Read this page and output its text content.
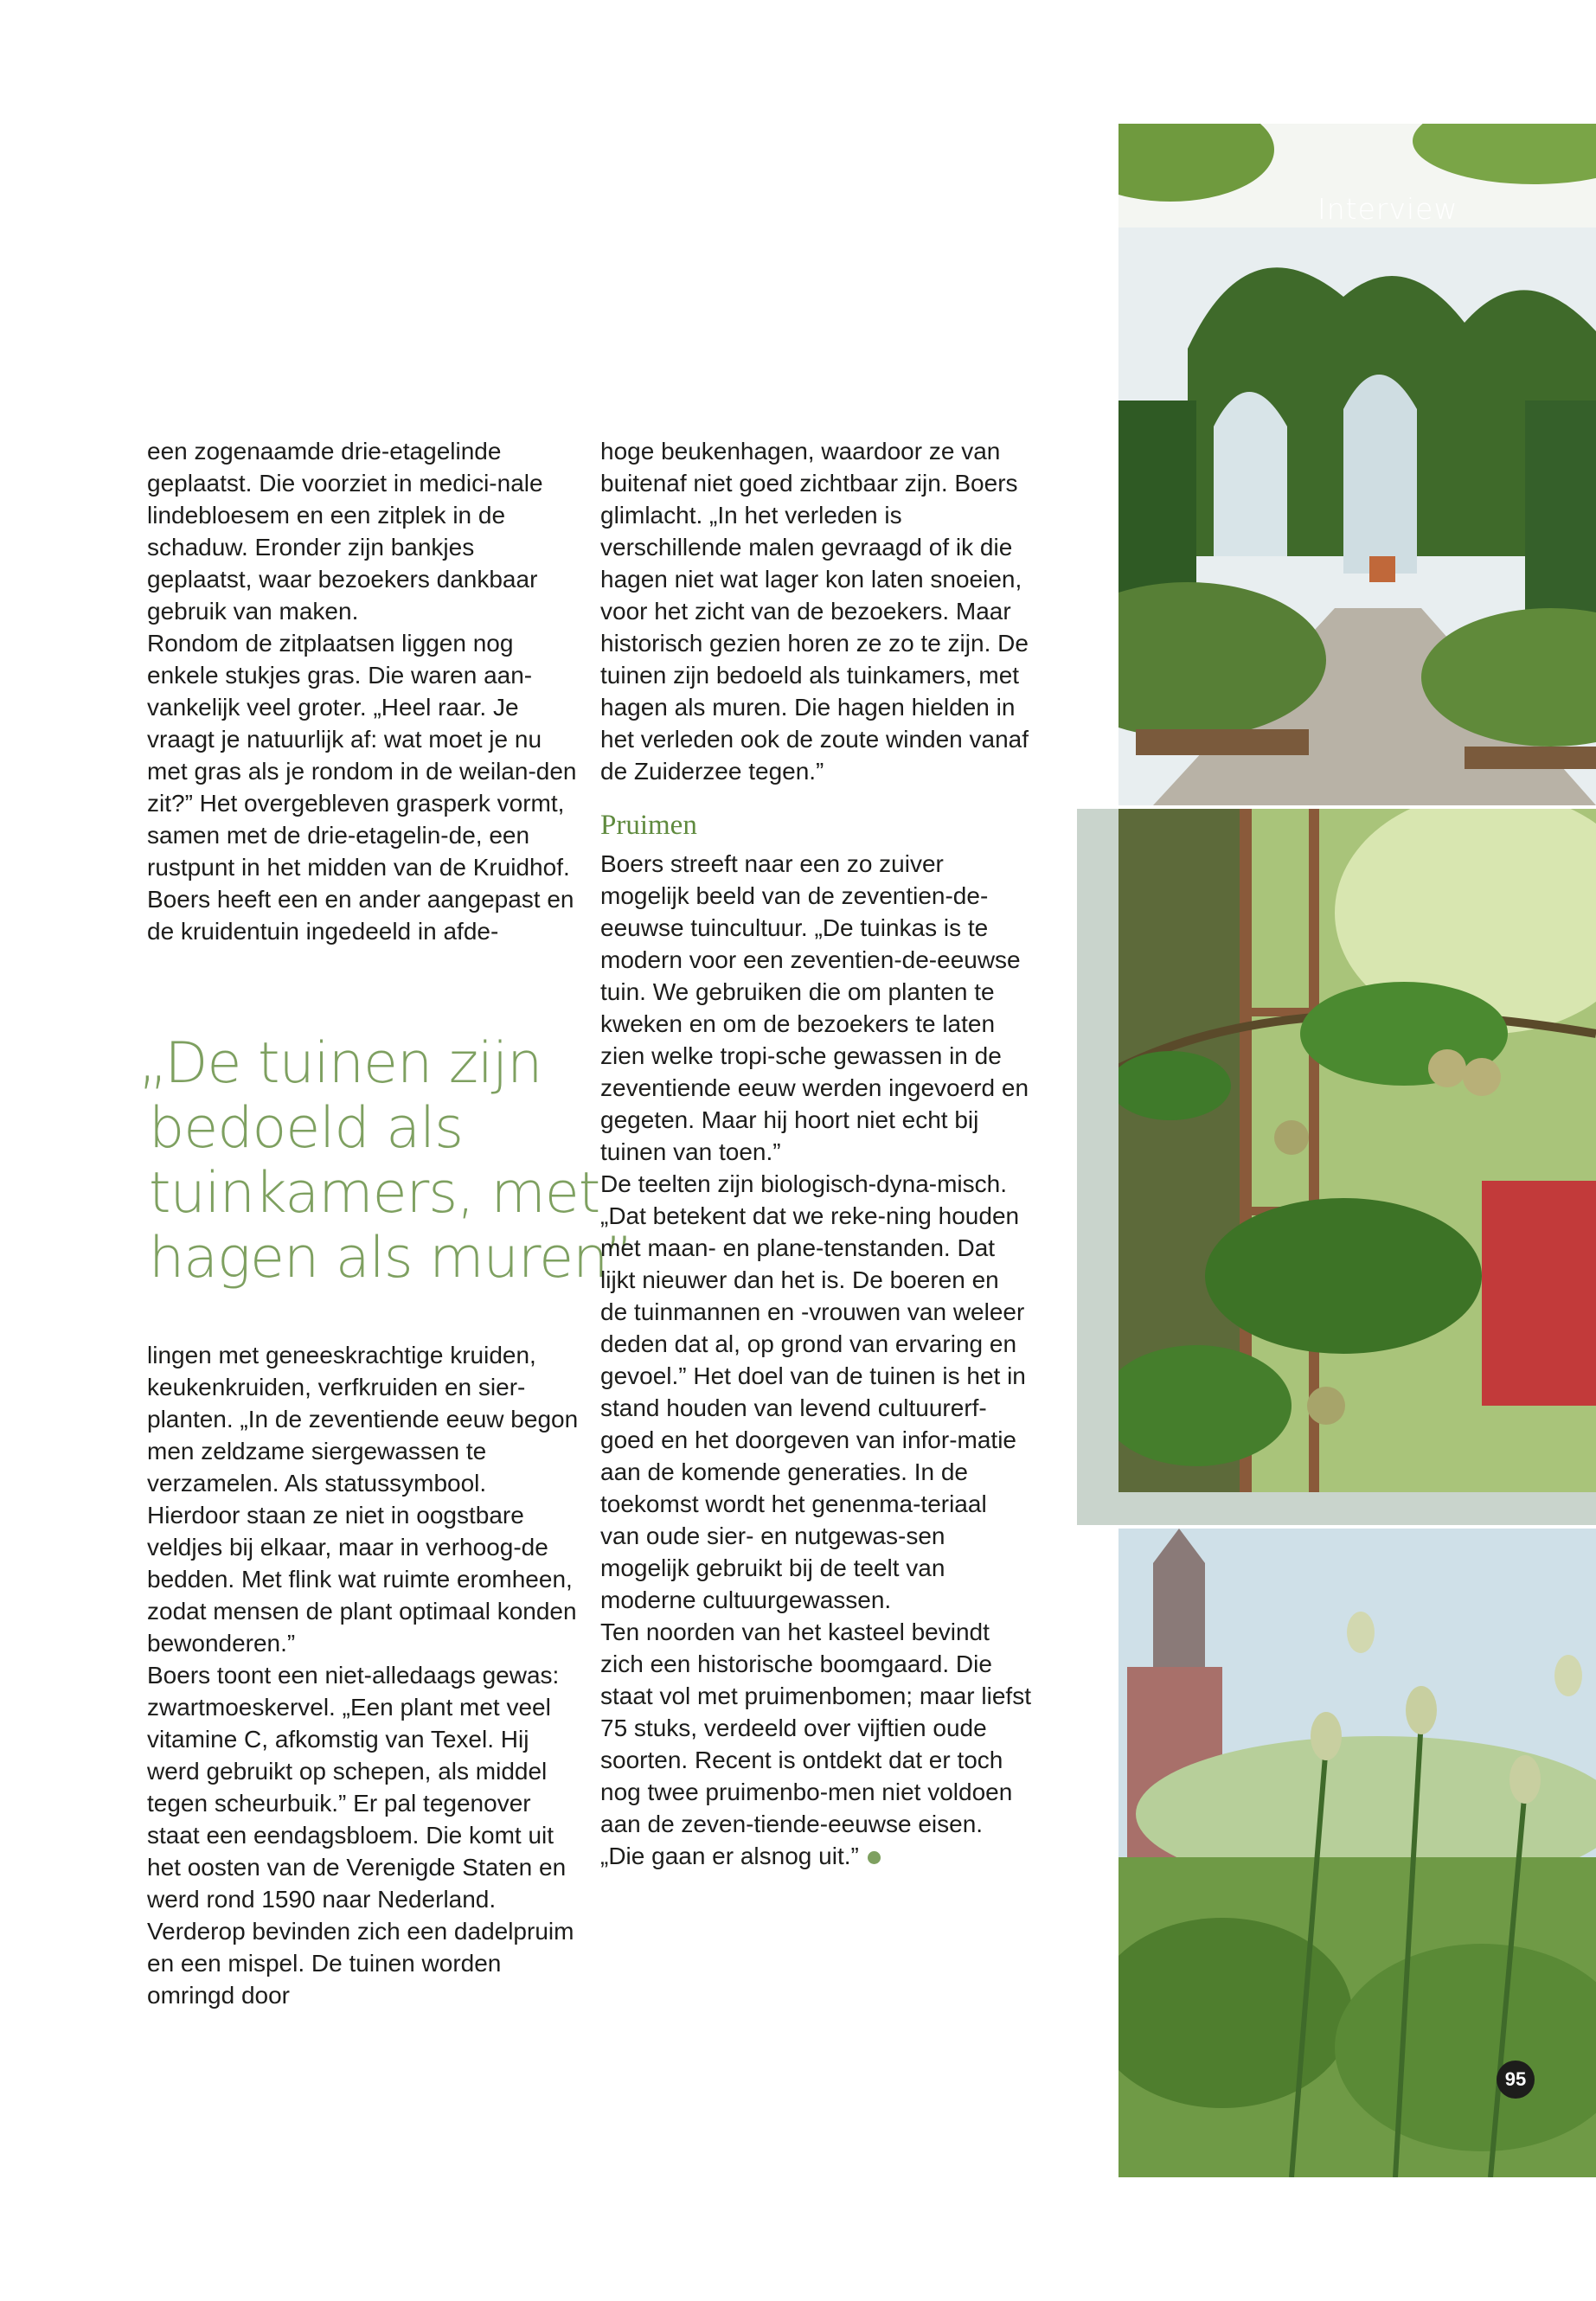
een zogenaamde drie-etagelinde geplaatst. Die voorziet in medici-nale lindebloesem en een zitplek in de schaduw. Eronder zijn bankjes geplaatst, waar bezoekers dankbaar gebruik van maken.

Rondom de zitplaatsen liggen nog enkele stukjes gras. Die waren aan-vankelijk veel groter. „Heel raar. Je vraagt je natuurlijk af: wat moet je nu met gras als je rondom in de weilan-den zit?” Het overgebleven grasperk vormt, samen met de drie-etagelin-de, een rustpunt in het midden van de Kruidhof.

Boers heeft een en ander aangepast en de kruidentuin ingedeeld in afde-

„De tuinen zijn
bedoeld als
tuinkamers, met
hagen als muren”

lingen met geneeskrachtige kruiden, keukenkruiden, verfkruiden en sier-planten. „In de zeventiende eeuw begon men zeldzame siergewassen te verzamelen. Als statussymbool. Hierdoor staan ze niet in oogstbare veldjes bij elkaar, maar in verhoog-de bedden. Met flink wat ruimte eromheen, zodat mensen de plant optimaal konden bewonderen.”

Boers toont een niet-alledaags gewas: zwartmoeskervel. „Een plant met veel vitamine C, afkomstig van Texel. Hij werd gebruikt op schepen, als middel tegen scheurbuik.” Er pal tegenover staat een eendagsbloem. Die komt uit het oosten van de Verenigde Staten en werd rond 1590 naar Nederland. Verderop bevinden zich een dadelpruim en een mispel. De tuinen worden omringd door

hoge beukenhagen, waardoor ze van buitenaf niet goed zichtbaar zijn. Boers glimlacht. „In het verleden is verschillende malen gevraagd of ik die hagen niet wat lager kon laten snoeien, voor het zicht van de bezoekers. Maar historisch gezien horen ze zo te zijn. De tuinen zijn bedoeld als tuinkamers, met hagen als muren. Die hagen hielden in het verleden ook de zoute winden vanaf de Zuiderzee tegen.”

Pruimen

Boers streeft naar een zo zuiver mogelijk beeld van de zeventien-de-eeuwse tuincultuur. „De tuinkas is te modern voor een zeventien-de-eeuwse tuin. We gebruiken die om planten te kweken en om de bezoekers te laten zien welke tropi-sche gewassen in de zeventiende eeuw werden ingevoerd en gegeten. Maar hij hoort niet echt bij tuinen van toen.”

De teelten zijn biologisch-dyna-misch. „Dat betekent dat we reke-ning houden met maan- en plane-tenstanden. Dat lijkt nieuwer dan het is. De boeren en de tuinmannen en -vrouwen van weleer deden dat al, op grond van ervaring en gevoel.” Het doel van de tuinen is het in stand houden van levend cultuurerf-goed en het doorgeven van infor-matie aan de komende generaties. In de toekomst wordt het genenma-teriaal van oude sier- en nutgewas-sen mogelijk gebruikt bij de teelt van moderne cultuurgewassen.

Ten noorden van het kasteel bevindt zich een historische boomgaard. Die staat vol met pruimenbomen; maar liefst 75 stuks, verdeeld over vijftien oude soorten. Recent is ontdekt dat er toch nog twee pruimenbo-men niet voldoen aan de zeven-tiende-eeuwse eisen. „Die gaan er alsnog uit.”

Interview
95
